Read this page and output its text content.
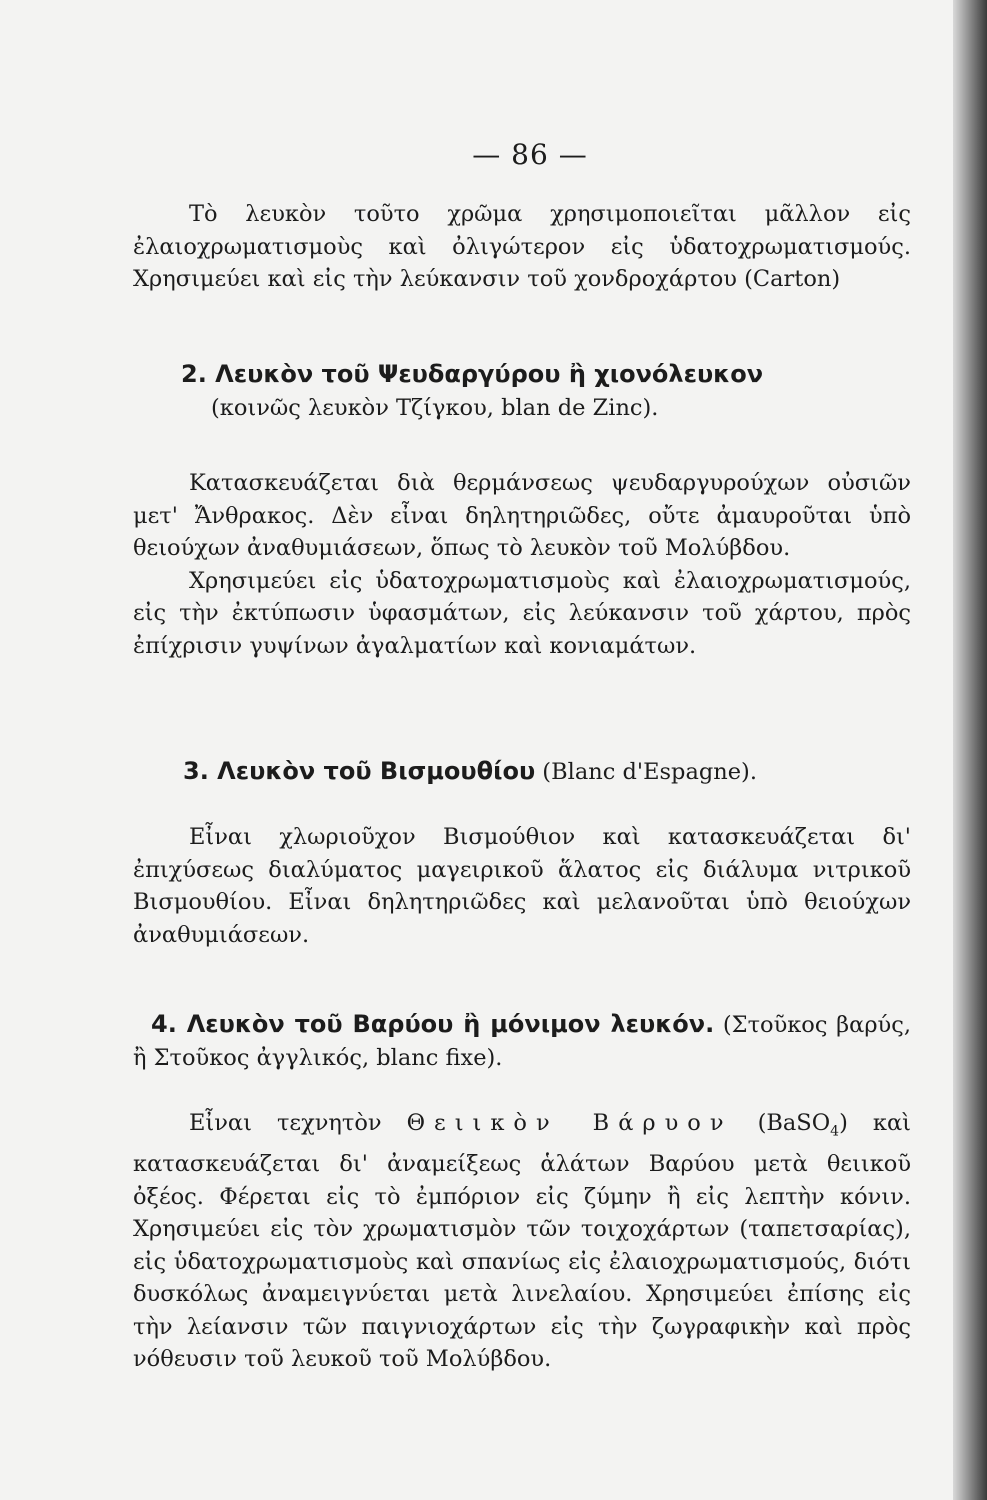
— 86 —

Τὸ λευκὸν τοῦτο χρῶμα χρησιμοποιεῖται μᾶλλον εἰς ἐλαιοχρωματισμοὺς καὶ ὀλιγώτερον εἰς ὑδατοχρωματισμούς. Χρησιμεύει καὶ εἰς τὴν λεύκανσιν τοῦ χονδροχάρτου (Carton)

2. Λευκὸν τοῦ Ψευδαργύρου ἢ χιονόλευκον
(κοινῶς λευκὸν Τζίγκου, blan de Zinc).

Κατασκευάζεται διὰ θερμάνσεως ψευδαργυρούχων οὐσιῶν μετ' Ἄνθρακος. Δὲν εἶναι δηλητηριῶδες, οὔτε ἀμαυροῦται ὑπὸ θειούχων ἀναθυμιάσεων, ὅπως τὸ λευκὸν τοῦ Μολύβδου.

Χρησιμεύει εἰς ὑδατοχρωματισμοὺς καὶ ἐλαιοχρωματισμούς, εἰς τὴν ἐκτύπωσιν ὑφασμάτων, εἰς λεύκανσιν τοῦ χάρτου, πρὸς ἐπίχρισιν γυψίνων ἀγαλματίων καὶ κονιαμάτων.

3. Λευκὸν τοῦ Βισμουθίου (Blanc d'Espagne).

Εἶναι χλωριοῦχον Βισμούθιον καὶ κατασκευάζεται δι' ἐπιχύσεως διαλύματος μαγειρικοῦ ἅλατος εἰς διάλυμα νιτρικοῦ Βισμουθίου. Εἶναι δηλητηριῶδες καὶ μελανοῦται ὑπὸ θειούχων ἀναθυμιάσεων.

4. Λευκὸν τοῦ Βαρύου ἢ μόνιμον λευκόν. (Στοῦκος βαρύς, ἢ Στοῦκος ἀγγλικός, blanc fixe).

Εἶναι τεχνητὸν Θειικὸν Βάρυον (BaSO$_4$) καὶ κατασκευάζεται δι' ἀναμείξεως ἁλάτων Βαρύου μετὰ θειικοῦ ὀξέος. Φέρεται εἰς τὸ ἐμπόριον εἰς ζύμην ἢ εἰς λεπτὴν κόνιν. Χρησιμεύει εἰς τὸν χρωματισμὸν τῶν τοιχοχάρτων (ταπετσαρίας), εἰς ὑδατοχρωματισμοὺς καὶ σπανίως εἰς ἐλαιοχρωματισμούς, διότι δυσκόλως ἀναμειγνύεται μετὰ λινελαίου. Χρησιμεύει ἐπίσης εἰς τὴν λείανσιν τῶν παιγνιοχάρτων εἰς τὴν ζωγραφικὴν καὶ πρὸς νόθευσιν τοῦ λευκοῦ τοῦ Μολύβδου.
